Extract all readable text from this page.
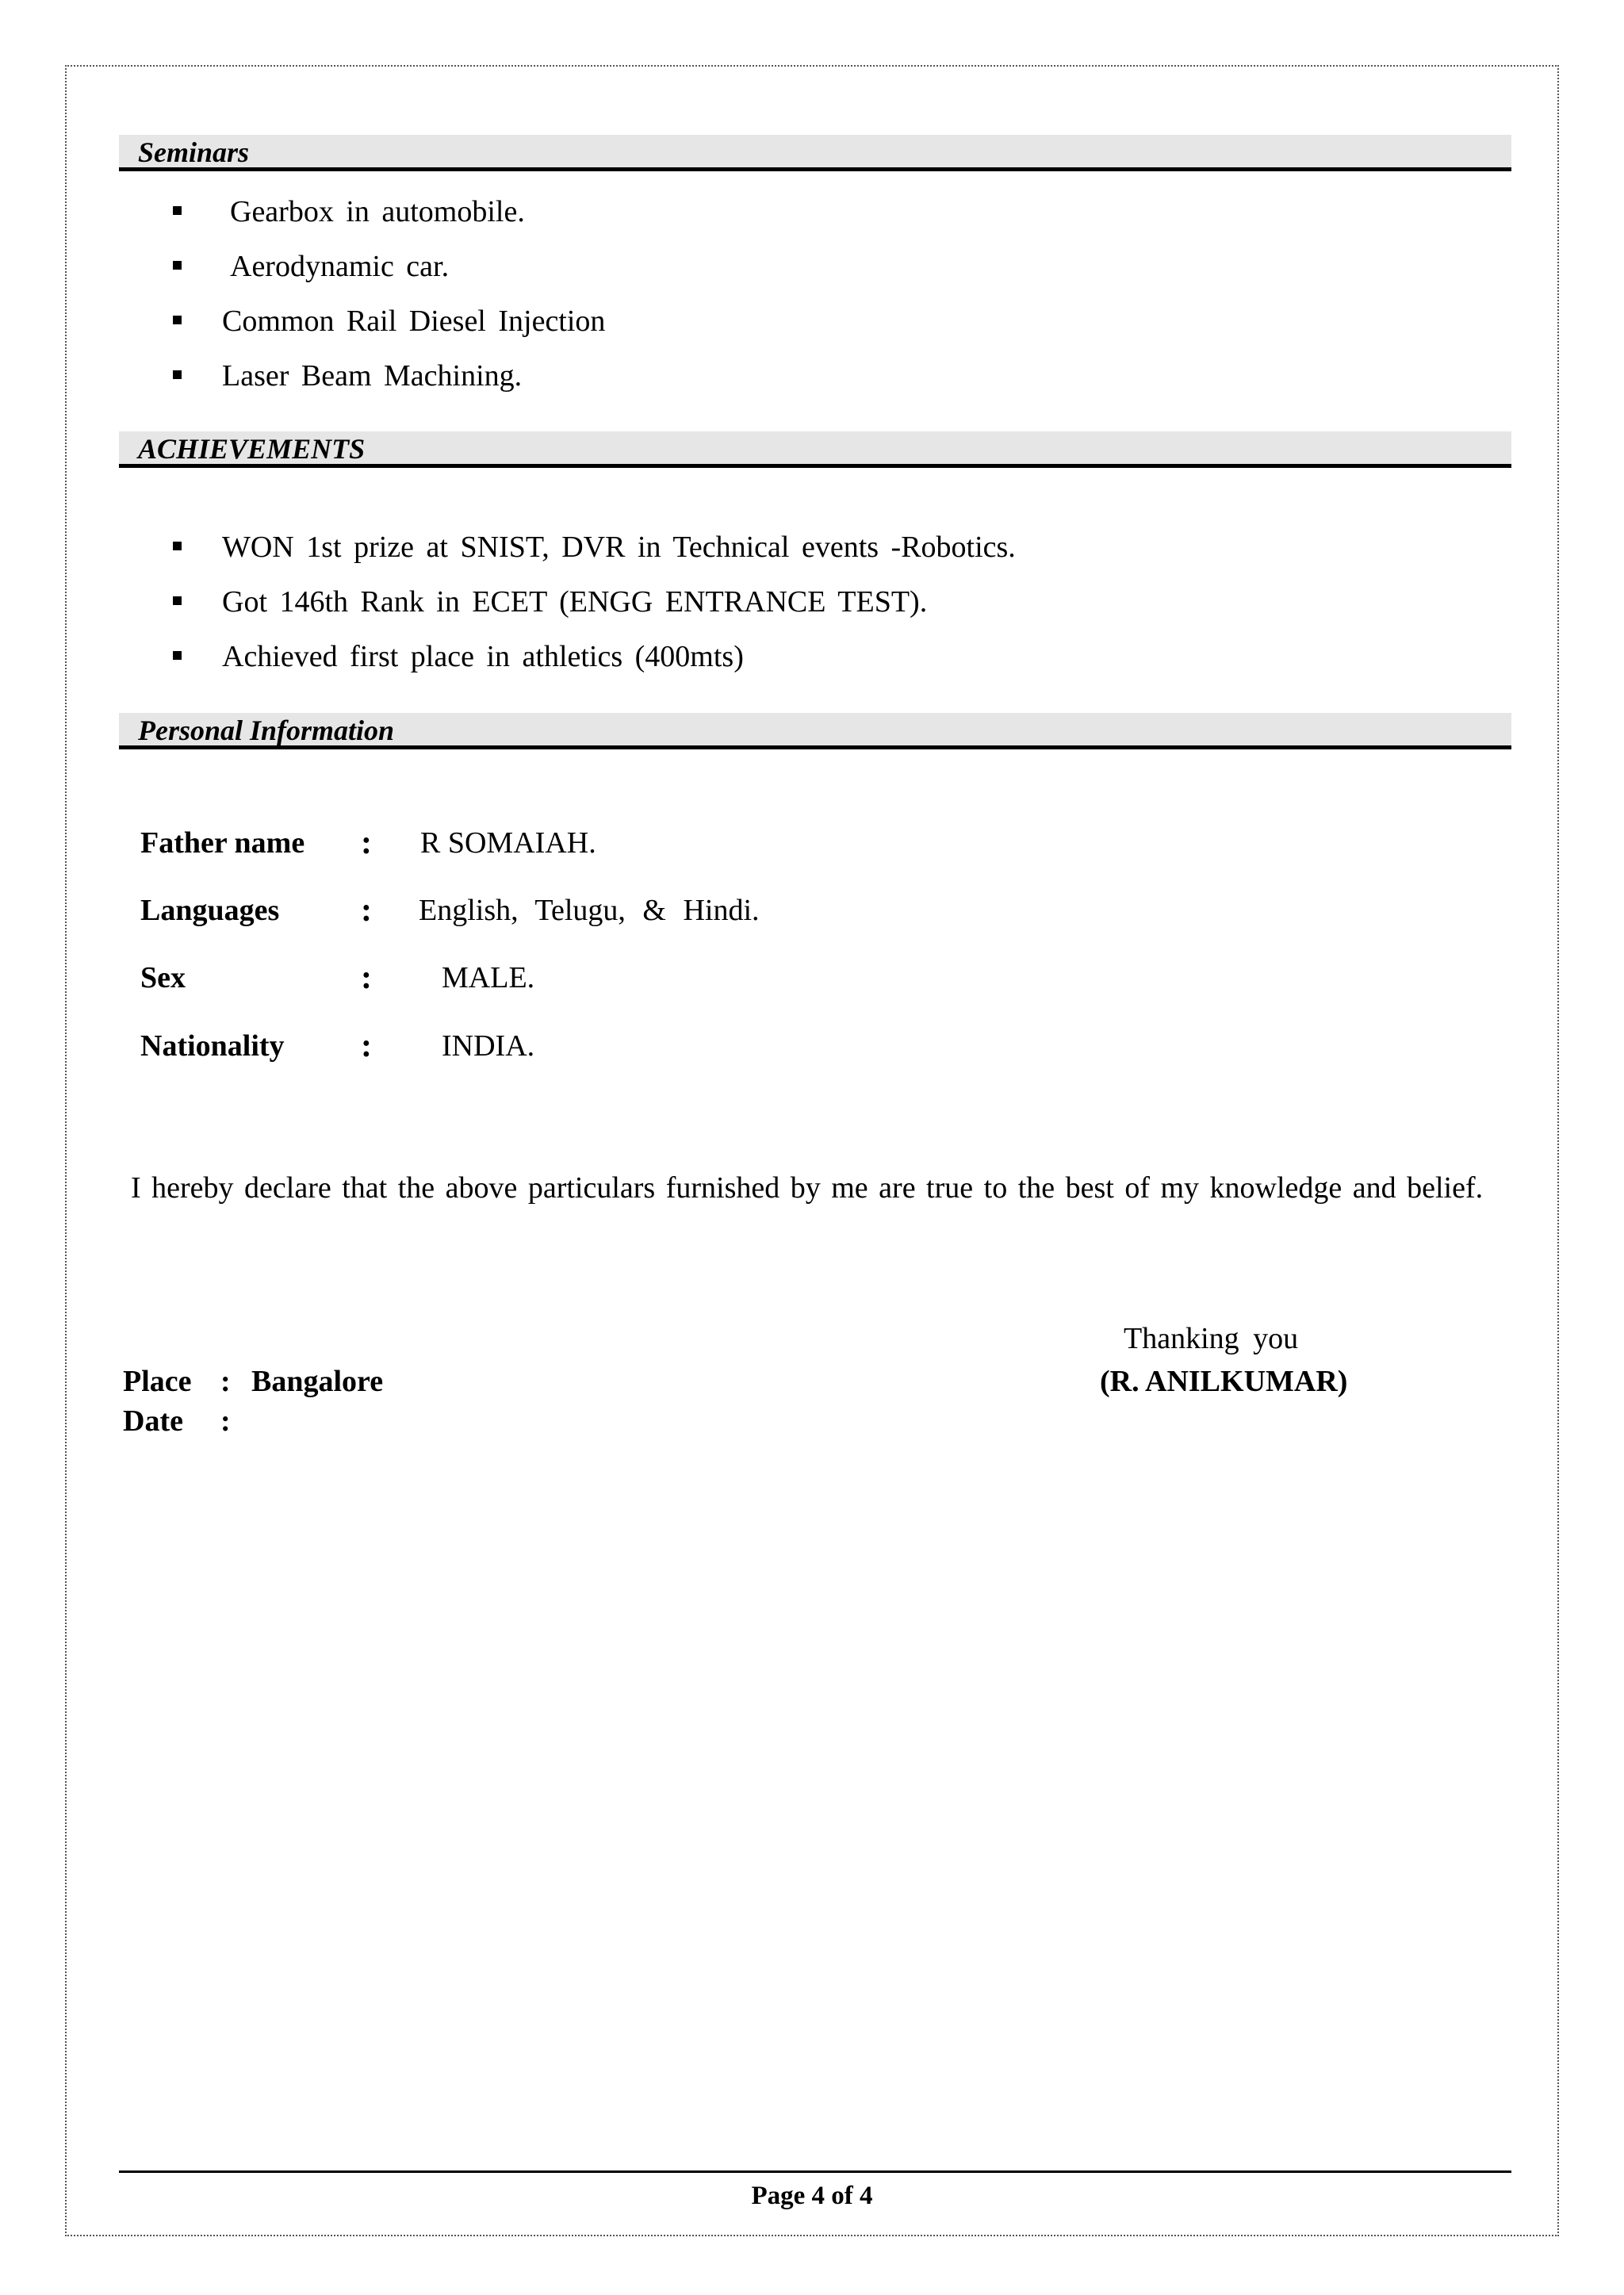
Seminars
Gearbox in automobile.
Aerodynamic car.
Common Rail Diesel Injection
Laser Beam Machining.
ACHIEVEMENTS
WON 1st prize at SNIST, DVR in Technical events -Robotics.
Got 146th Rank in ECET (ENGG ENTRANCE TEST).
Achieved first place in athletics (400mts)
Personal Information
Father name : R SOMAIAH.
Languages : English, Telugu, & Hindi.
Sex	: MALE.
Nationality : INDIA.
I hereby declare that the above particulars furnished by me are true to the best of my knowledge and belief.
Thanking you
(R. ANILKUMAR)
Place : Bangalore
Date :
Page 4 of 4
